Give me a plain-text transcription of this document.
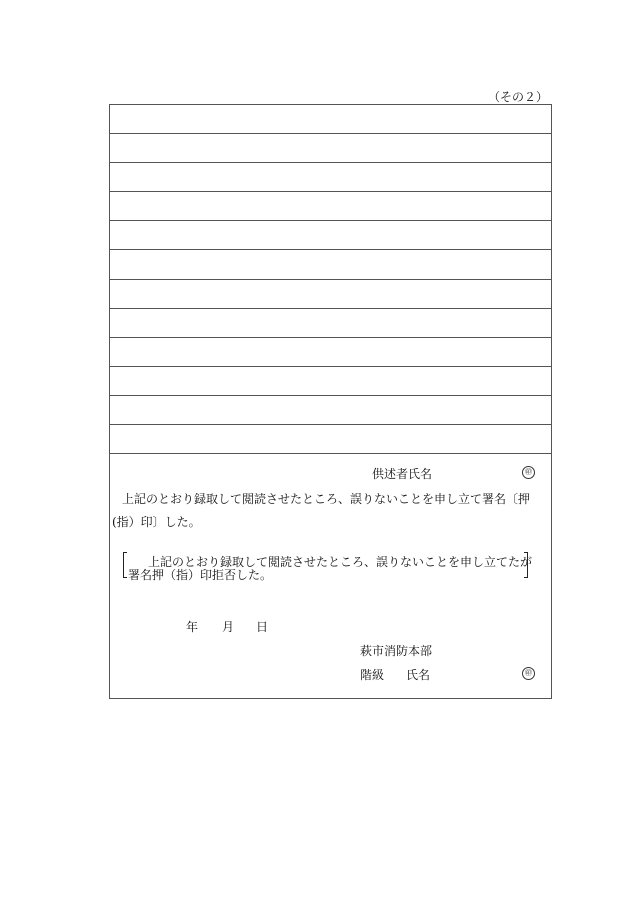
（その２）
供述者氏名	㊞
上記のとおり録取して閲読させたところ、誤りないことを申し立て署名〔押
(指）印〕した。
上記のとおり録取して閲読させたところ、誤りないことを申し立てたが
署名押（指）印拒否した。
年 月 日
萩市消防本部
階級 氏名	㊞
